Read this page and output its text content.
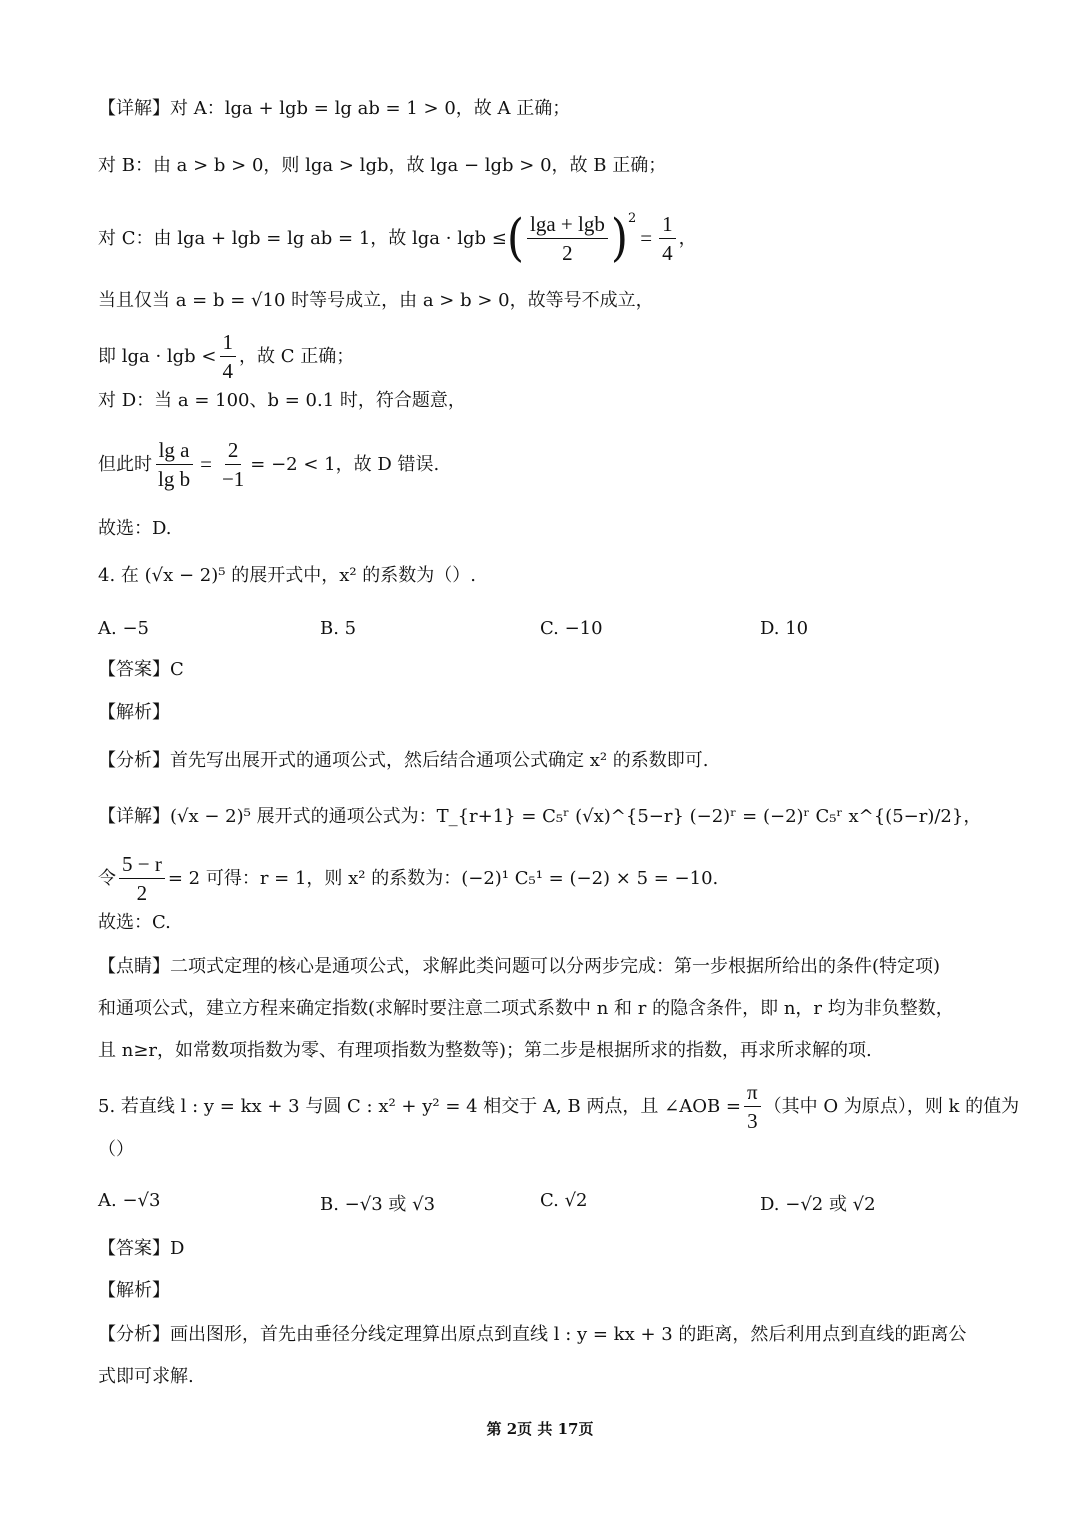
【详解】对 A：lga + lgb = lg ab = 1 > 0，故 A 正确；
对 B：由 a > b > 0，则 lga > lgb，故 lga − lgb > 0，故 B 正确；
对 C：由 lga + lgb = lg ab = 1，故 lga · lgb ≤ ( $\frac{\lg a + \lg b}{2} )^2$
= $\frac{1}{4}$ ，
当且仅当 a = b = √10 时等号成立，由 a > b > 0，故等号不成立，
即 $\lg a \cdot \lg b < \frac{1}{4}$ ，故 C 正确；
对 D：当 a = 100、b = 0.1 时，符合题意，
但此时 $\frac{\text{lg a}}{\text{lg b}} = \frac{2}{-1} = -2 < 1$，故 D 错误.
故选：D.
4. 在 (√x − 2)⁵ 的展开式中，x² 的系数为（）.
A. −5	B. 5	C. −10	D. 10
【答案】C
【解析】
【分析】首先写出展开式的通项公式，然后结合通项公式确定 x² 的系数即可.
【详解】(√x − 2)⁵ 展开式的通项公式为：T_{r+1} = C₅ʳ (√x)^{5−r} (−2)ʳ = (−2)ʳ C₅ʳ x^{(5−r)/2}，
令 $\frac{5 - r}{2} = 2$ 可得：r = 1，则 x² 的系数为：(−2)¹ C₅¹ = (−2) × 5 = −10.
故选：C.
【点睛】二项式定理的核心是通项公式，求解此类问题可以分两步完成：第一步根据所给出的条件(特定项)
和通项公式，建立方程来确定指数(求解时要注意二项式系数中 n 和 r 的隐含条件，即 n，r 均为非负整数，
且 n≥r，如常数项指数为零、有理项指数为整数等)；第二步是根据所求的指数，再求所求解的项.
5. 若直线 l : y = kx + 3 与圆 C : x² + y² = 4 相交于 A, B 两点，且 ∠AOB = $\frac{\pi}{3}$ （其中 O 为原点），则 k 的值为
（）
A. −√3	B. −√3 或 √3	C. √2	D. −√2 或 √2
【答案】D
【解析】
【分析】画出图形，首先由垂径分线定理算出原点到直线 l : y = kx + 3 的距离，然后利用点到直线的距离公
式即可求解.
第 2页 共 17页
